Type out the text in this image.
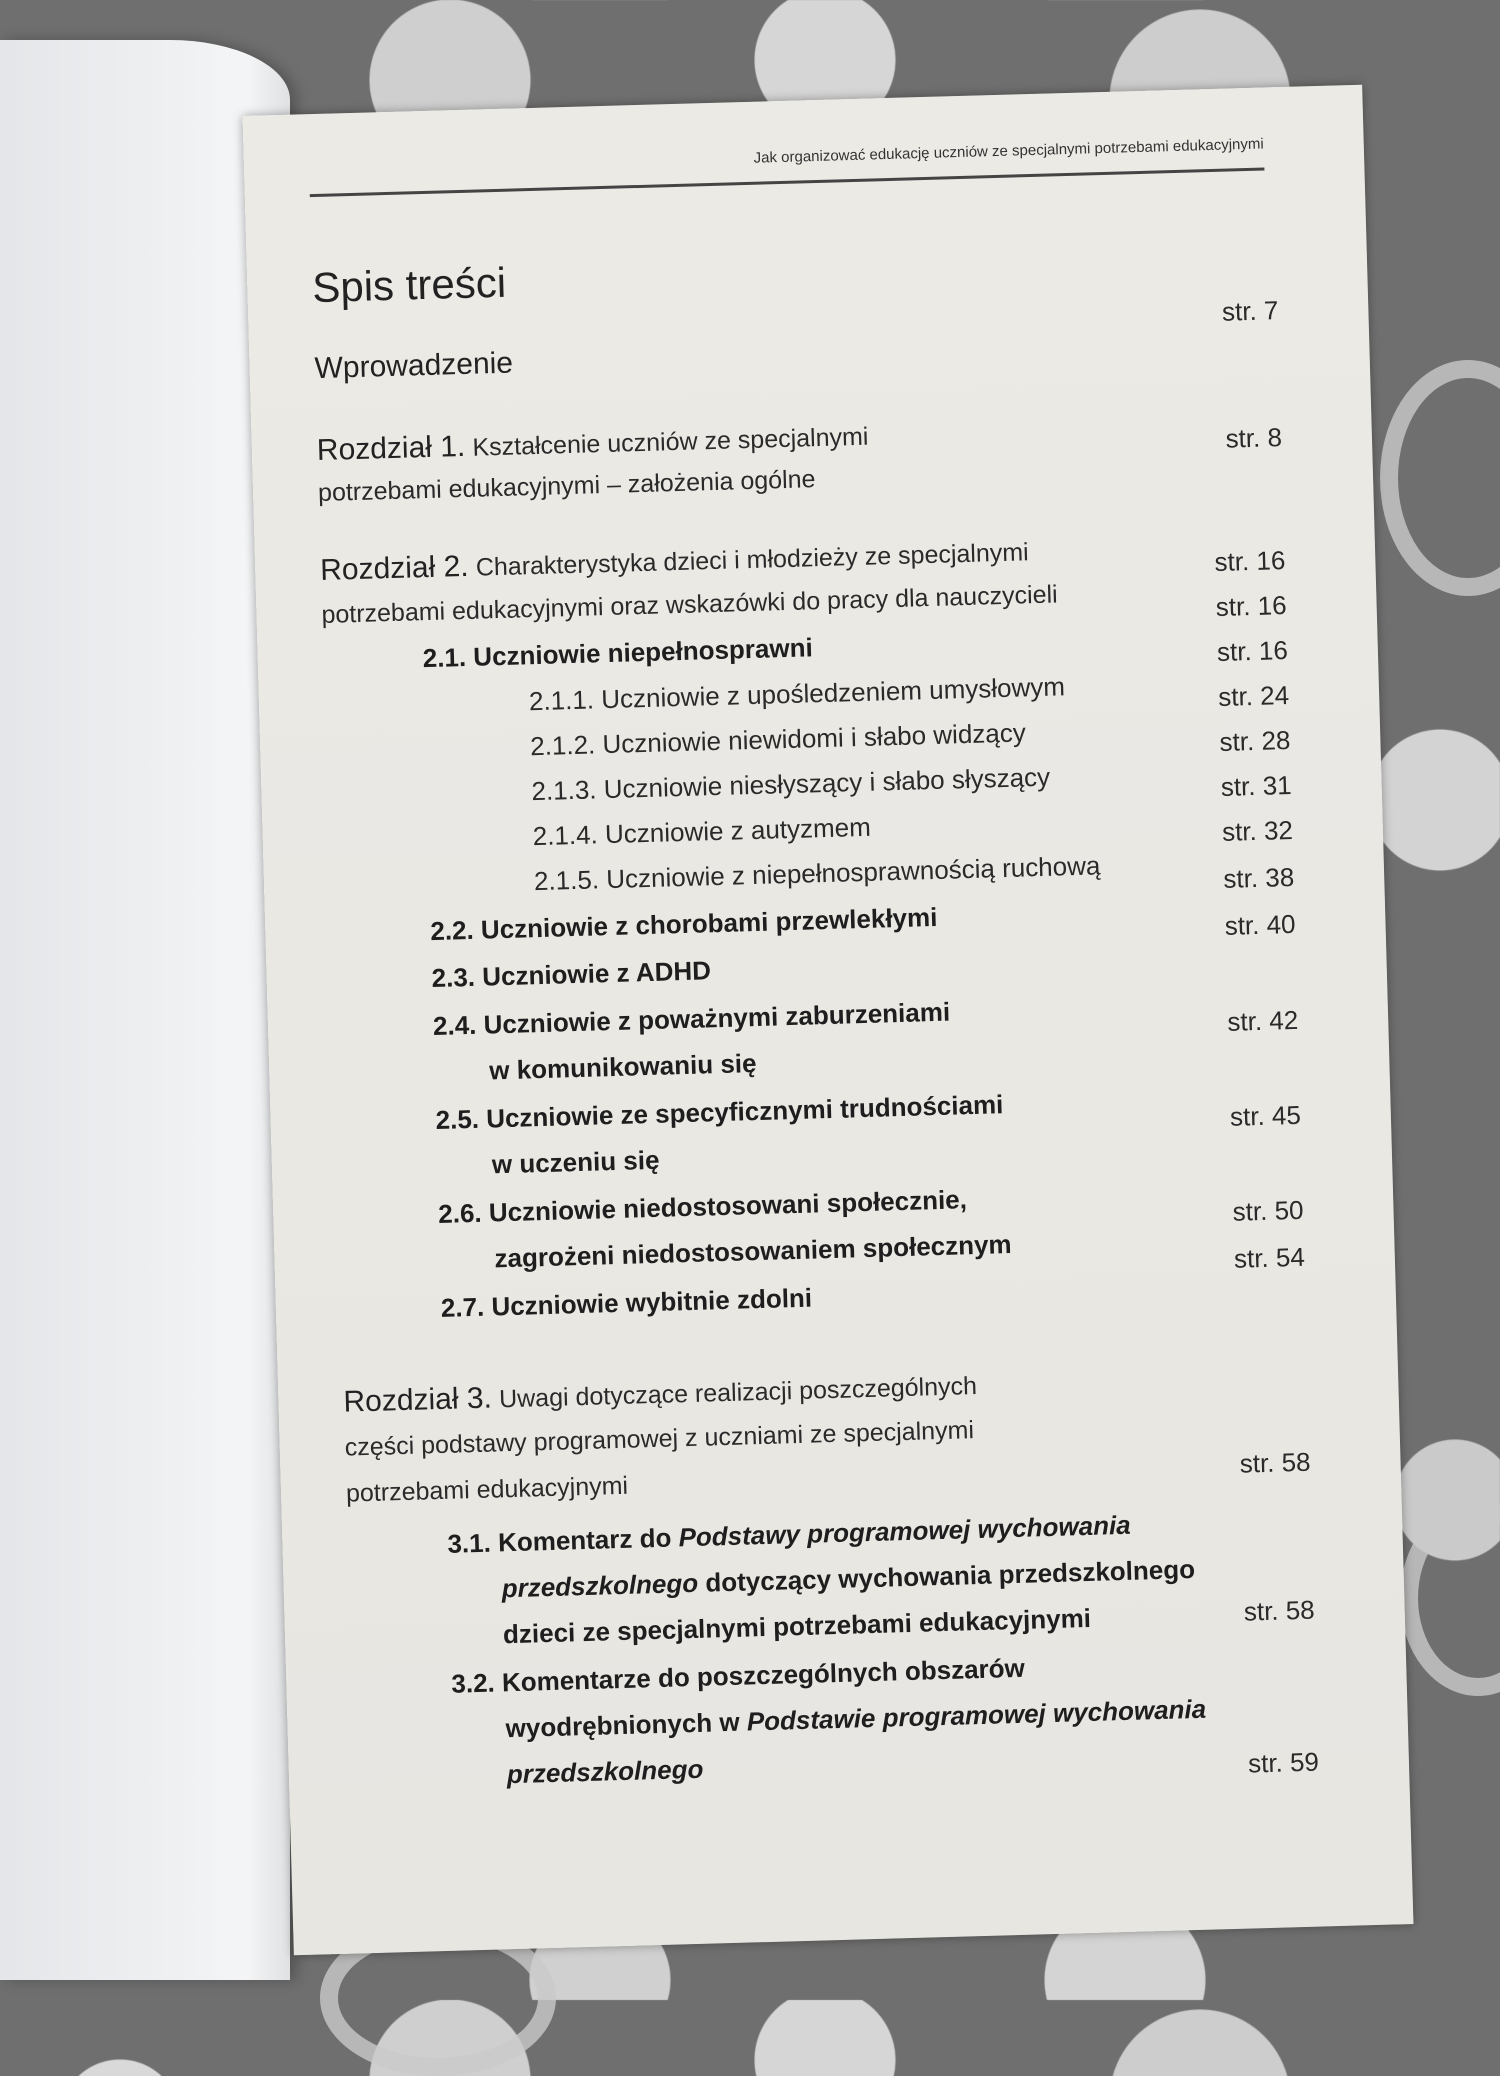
Jak organizować edukację uczniów ze specjalnymi potrzebami edukacyjnymi
Spis treści
Wprowadzenie
str. 7
Rozdział 1. Kształcenie uczniów ze specjalnymi
potrzebami edukacyjnymi – założenia ogólne
str. 8
Rozdział 2. Charakterystyka dzieci i młodzieży ze specjalnymi
potrzebami edukacyjnymi oraz wskazówki do pracy dla nauczycieli
str. 16
2.1. Uczniowie niepełnosprawni
str. 16
2.1.1. Uczniowie z upośledzeniem umysłowym
str. 16
2.1.2. Uczniowie niewidomi i słabo widzący
str. 24
2.1.3. Uczniowie niesłyszący i słabo słyszący
str. 28
2.1.4. Uczniowie z autyzmem
str. 31
2.1.5. Uczniowie z niepełnosprawnością ruchową
str. 32
2.2. Uczniowie z chorobami przewlekłymi
str. 38
2.3. Uczniowie z ADHD
str. 40
2.4. Uczniowie z poważnymi zaburzeniami
w komunikowaniu się
str. 42
2.5. Uczniowie ze specyficznymi trudnościami
w uczeniu się
str. 45
2.6. Uczniowie niedostosowani społecznie,
zagrożeni niedostosowaniem społecznym
str. 50
2.7. Uczniowie wybitnie zdolni
str. 54
Rozdział 3. Uwagi dotyczące realizacji poszczególnych
części podstawy programowej z uczniami ze specjalnymi
potrzebami edukacyjnymi
str. 58
3.1. Komentarz do Podstawy programowej wychowania
przedszkolnego dotyczący wychowania przedszkolnego
dzieci ze specjalnymi potrzebami edukacyjnymi	str. 58
3.2. Komentarze do poszczególnych obszarów
wyodrębnionych w Podstawie programowej wychowania
przedszkolnego	str. 59
